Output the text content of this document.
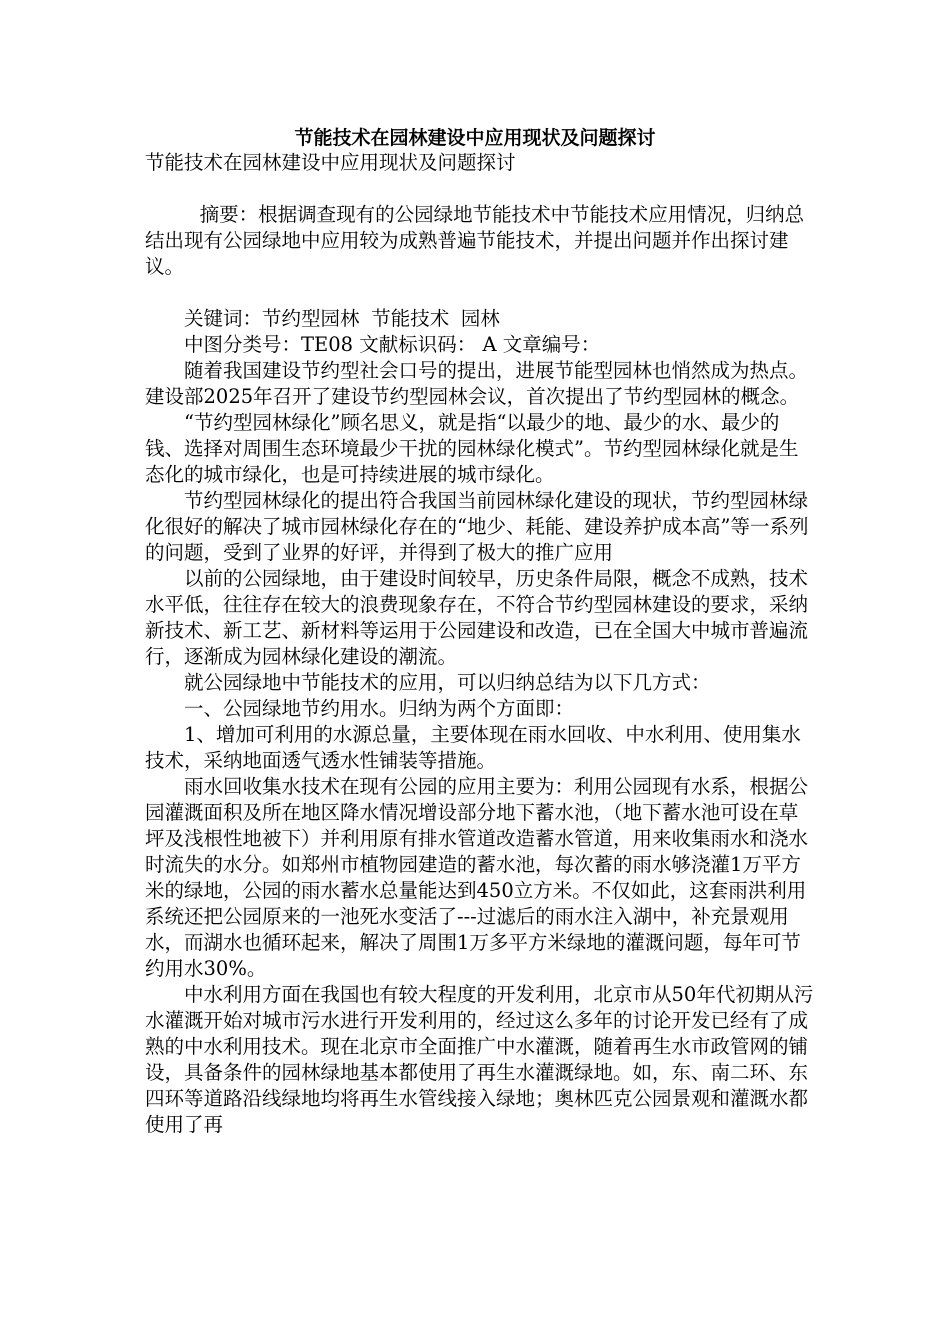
节能技术在园林建设中应用现状及问题探讨

节能技术在园林建设中应用现状及问题探讨

摘要：根据调查现有的公园绿地节能技术中节能技术应用情况，归纳总结出现有公园绿地中应用较为成熟普遍节能技术，并提出问题并作出探讨建议。

关键词：节约型园林 节能技术 园林

中图分类号：TE08 文献标识码： A 文章编号：

随着我国建设节约型社会口号的提出，进展节能型园林也悄然成为热点。建设部2025年召开了建设节约型园林会议，首次提出了节约型园林的概念。

“节约型园林绿化”顾名思义，就是指“以最少的地、最少的水、最少的钱、选择对周围生态环境最少干扰的园林绿化模式”。节约型园林绿化就是生态化的城市绿化，也是可持续进展的城市绿化。

节约型园林绿化的提出符合我国当前园林绿化建设的现状，节约型园林绿化很好的解决了城市园林绿化存在的“地少、耗能、建设养护成本高”等一系列的问题，受到了业界的好评，并得到了极大的推广应用

以前的公园绿地，由于建设时间较早，历史条件局限，概念不成熟，技术水平低，往往存在较大的浪费现象存在，不符合节约型园林建设的要求，采纳新技术、新工艺、新材料等运用于公园建设和改造，已在全国大中城市普遍流行，逐渐成为园林绿化建设的潮流。

就公园绿地中节能技术的应用，可以归纳总结为以下几方式：

一、公园绿地节约用水。归纳为两个方面即：

1、增加可利用的水源总量，主要体现在雨水回收、中水利用、使用集水技术，采纳地面透气透水性铺装等措施。

雨水回收集水技术在现有公园的应用主要为：利用公园现有水系，根据公园灌溉面积及所在地区降水情况增设部分地下蓄水池，（地下蓄水池可设在草坪及浅根性地被下）并利用原有排水管道改造蓄水管道，用来收集雨水和浇水时流失的水分。如郑州市植物园建造的蓄水池，每次蓄的雨水够浇灌1万平方米的绿地，公园的雨水蓄水总量能达到450立方米。不仅如此，这套雨洪利用系统还把公园原来的一池死水变活了---过滤后的雨水注入湖中，补充景观用水，而湖水也循环起来，解决了周围1万多平方米绿地的灌溉问题，每年可节约用水30%。

中水利用方面在我国也有较大程度的开发利用，北京市从50年代初期从污水灌溉开始对城市污水进行开发利用的，经过这么多年的讨论开发已经有了成熟的中水利用技术。现在北京市全面推广中水灌溉，随着再生水市政管网的铺设，具备条件的园林绿地基本都使用了再生水灌溉绿地。如，东、南二环、东四环等道路沿线绿地均将再生水管线接入绿地；奥林匹克公园景观和灌溉水都使用了再
